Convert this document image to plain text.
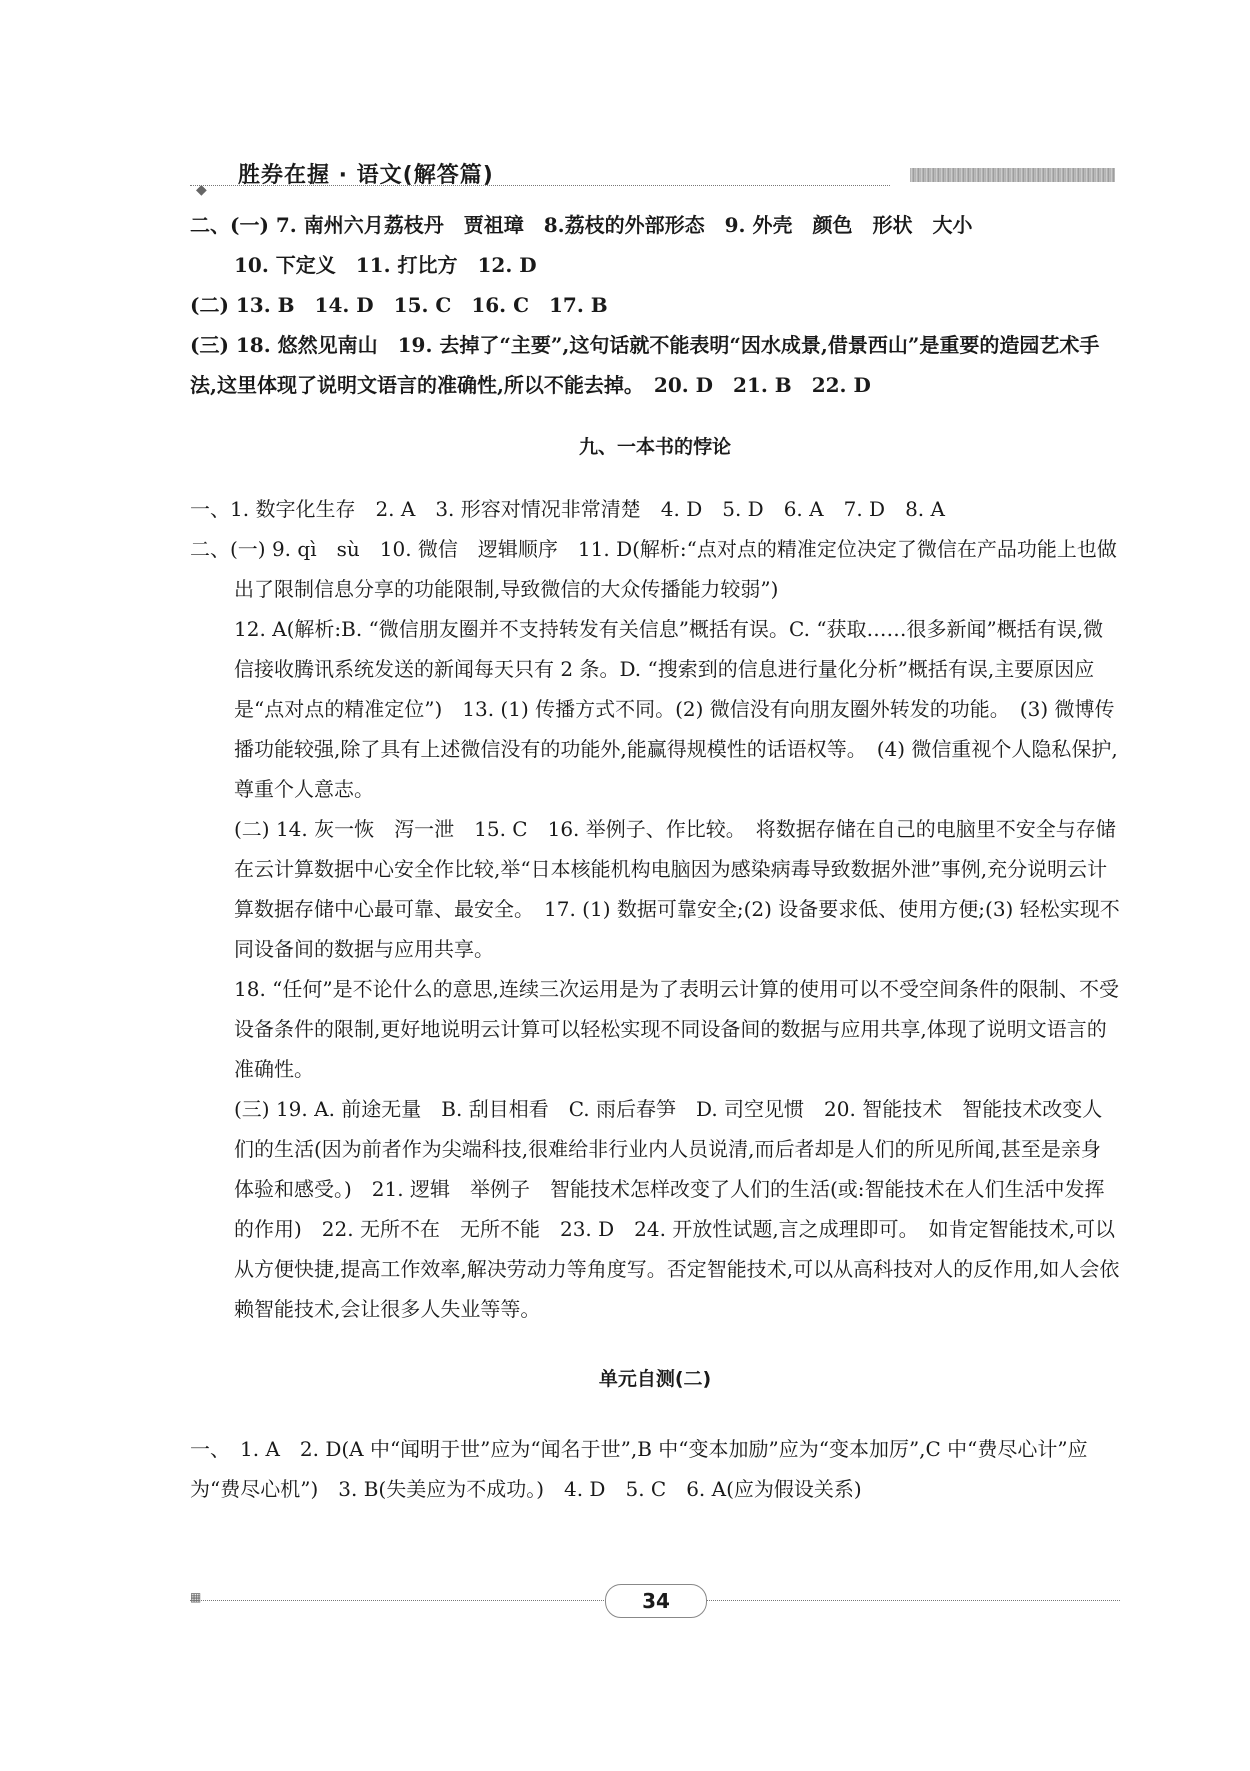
◆
胜券在握 · 语文(解答篇)

二、(一) 7. 南州六月荔枝丹　贾祖璋　8.荔枝的外部形态　9. 外壳　颜色　形状　大小

10. 下定义　11. 打比方　12. D

(二) 13. B　14. D　15. C　16. C　17. B

(三) 18. 悠然见南山　19. 去掉了“主要”,这句话就不能表明“因水成景,借景西山”是重要的造园艺术手法,这里体现了说明文语言的准确性,所以不能去掉。　20. D　21. B　22. D

九、一本书的悖论

一、1. 数字化生存　2. A　3. 形容对情况非常清楚　4. D　5. D　6. A　7. D　8. A

二、(一) 9. qì　sù　10. 微信　逻辑顺序　11. D(解析:“点对点的精准定位决定了微信在产品功能上也做出了限制信息分享的功能限制,导致微信的大众传播能力较弱”)

12. A(解析:B. “微信朋友圈并不支持转发有关信息”概括有误。C. “获取……很多新闻”概括有误,微信接收腾讯系统发送的新闻每天只有 2 条。D. “搜索到的信息进行量化分析”概括有误,主要原因应是“点对点的精准定位”)　13. (1) 传播方式不同。(2) 微信没有向朋友圈外转发的功能。　(3) 微博传播功能较强,除了具有上述微信没有的功能外,能赢得规模性的话语权等。　(4) 微信重视个人隐私保护,尊重个人意志。

(二) 14. 灰一恢　泻一泄　15. C　16. 举例子、作比较。　将数据存储在自己的电脑里不安全与存储在云计算数据中心安全作比较,举“日本核能机构电脑因为感染病毒导致数据外泄”事例,充分说明云计算数据存储中心最可靠、最安全。　17. (1) 数据可靠安全;(2) 设备要求低、使用方便;(3) 轻松实现不同设备间的数据与应用共享。

18. “任何”是不论什么的意思,连续三次运用是为了表明云计算的使用可以不受空间条件的限制、不受设备条件的限制,更好地说明云计算可以轻松实现不同设备间的数据与应用共享,体现了说明文语言的准确性。

(三) 19. A. 前途无量　B. 刮目相看　C. 雨后春笋　D. 司空见惯　20. 智能技术　智能技术改变人们的生活(因为前者作为尖端科技,很难给非行业内人员说清,而后者却是人们的所见所闻,甚至是亲身体验和感受。)　21. 逻辑　举例子　智能技术怎样改变了人们的生活(或:智能技术在人们生活中发挥的作用)　22. 无所不在　无所不能　23. D　24. 开放性试题,言之成理即可。　如肯定智能技术,可以从方便快捷,提高工作效率,解决劳动力等角度写。否定智能技术,可以从高科技对人的反作用,如人会依赖智能技术,会让很多人失业等等。

单元自测(二)

一、　1. A　2. D(A 中“闻明于世”应为“闻名于世”,B 中“变本加励”应为“变本加厉”,C 中“费尽心计”应为“费尽心机”)　3. B(失美应为不成功。)　4. D　5. C　6. A(应为假设关系)

▦	34
